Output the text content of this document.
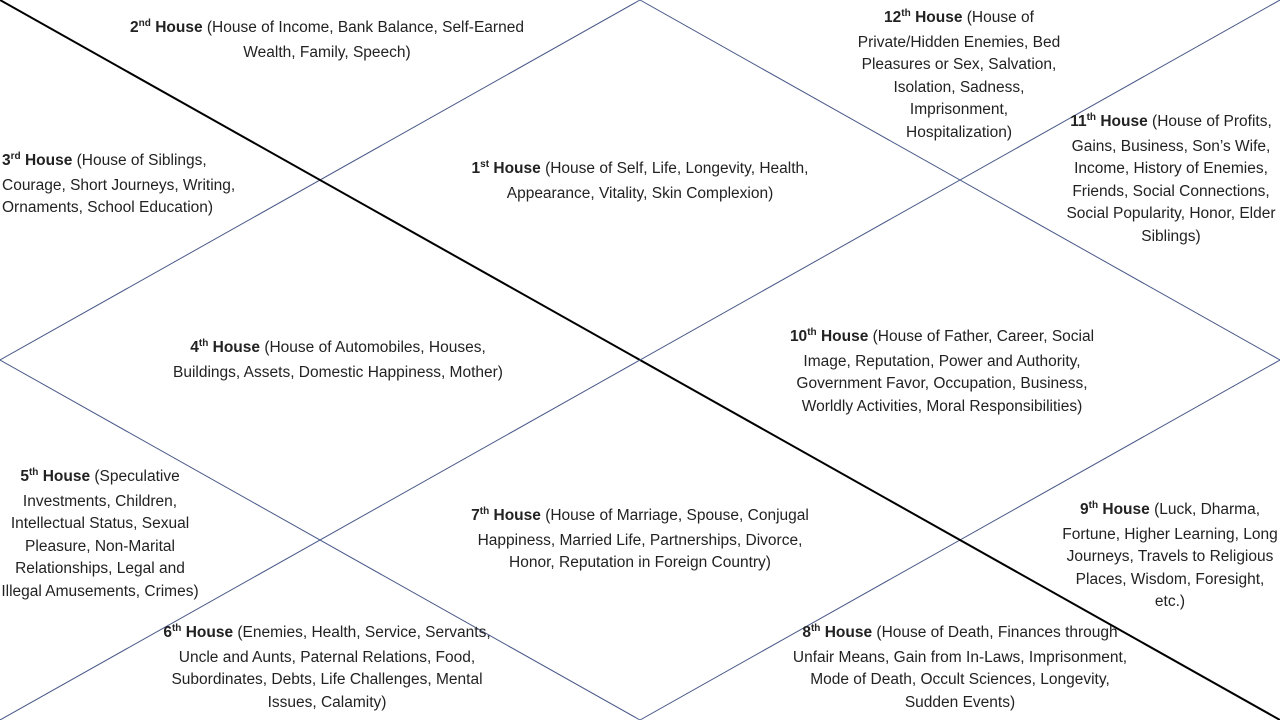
1st House (House of Self, Life, Longevity, Health, Appearance, Vitality, Skin Complexion)
2nd House (House of Income, Bank Balance, Self-Earned Wealth, Family, Speech)
3rd House (House of Siblings, Courage, Short Journeys, Writing, Ornaments, School Education)
4th House (House of Automobiles, Houses, Buildings, Assets, Domestic Happiness, Mother)
5th House (Speculative Investments, Children, Intellectual Status, Sexual Pleasure, Non-Marital Relationships, Legal and Illegal Amusements, Crimes)
6th House (Enemies, Health, Service, Servants, Uncle and Aunts, Paternal Relations, Food, Subordinates, Debts, Life Challenges, Mental Issues, Calamity)
7th House (House of Marriage, Spouse, Conjugal Happiness, Married Life, Partnerships, Divorce, Honor, Reputation in Foreign Country)
8th House (House of Death, Finances through Unfair Means, Gain from In-Laws, Imprisonment, Mode of Death, Occult Sciences, Longevity, Sudden Events)
9th House (Luck, Dharma, Fortune, Higher Learning, Long Journeys, Travels to Religious Places, Wisdom, Foresight, etc.)
10th House (House of Father, Career, Social Image, Reputation, Power and Authority, Government Favor, Occupation, Business, Worldly Activities, Moral Responsibilities)
11th House (House of Profits, Gains, Business, Son’s Wife, Income, History of Enemies, Friends, Social Connections, Social Popularity, Honor, Elder Siblings)
12th House (House of Private/Hidden Enemies, Bed Pleasures or Sex, Salvation, Isolation, Sadness, Imprisonment, Hospitalization)
